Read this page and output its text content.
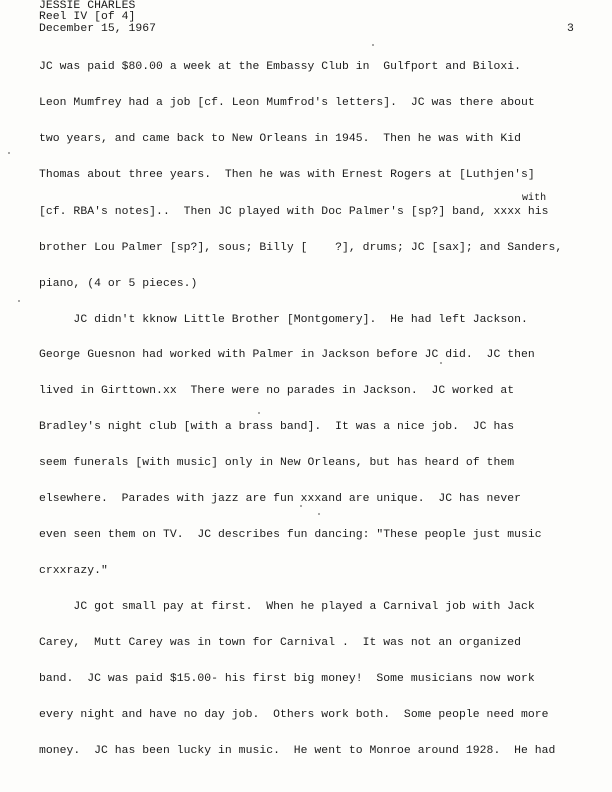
JESSIE CHARLES
Reel IV [of 4]
December 15, 1967	3
JC was paid $80.00 a week at the Embassy Club in  Gulfport and Biloxi.
Leon Mumfrey had a job [cf. Leon Mumfrod's letters].  JC was there about
two years, and came back to New Orleans in 1945.  Then he was with Kid
Thomas about three years.  Then he was with Ernest Rogers at [Luthjen's]
with
[cf. RBA's notes]..  Then JC played with Doc Palmer's [sp?] band, xxxx his
brother Lou Palmer [sp?], sous; Billy [    ?], drums; JC [sax]; and Sanders,
piano, (4 or 5 pieces.)
JC didn't kknow Little Brother [Montgomery].  He had left Jackson.
George Guesnon had worked with Palmer in Jackson before JC did.  JC then
lived in Girttown.xx  There were no parades in Jackson.  JC worked at
Bradley's night club [with a brass band].  It was a nice job.  JC has
seem funerals [with music] only in New Orleans, but has heard of them
elsewhere.  Parades with jazz are fun xxxand are unique.  JC has never
even seen them on TV.  JC describes fun dancing: "These people just music
crxxrazy."
JC got small pay at first.  When he played a Carnival job with Jack
Carey,  Mutt Carey was in town for Carnival .  It was not an organized
band.  JC was paid $15.00- his first big money!  Some musicians now work
every night and have no day job.  Others work both.  Some people need more
money.  JC has been lucky in music.  He went to Monroe around 1928.  He had
